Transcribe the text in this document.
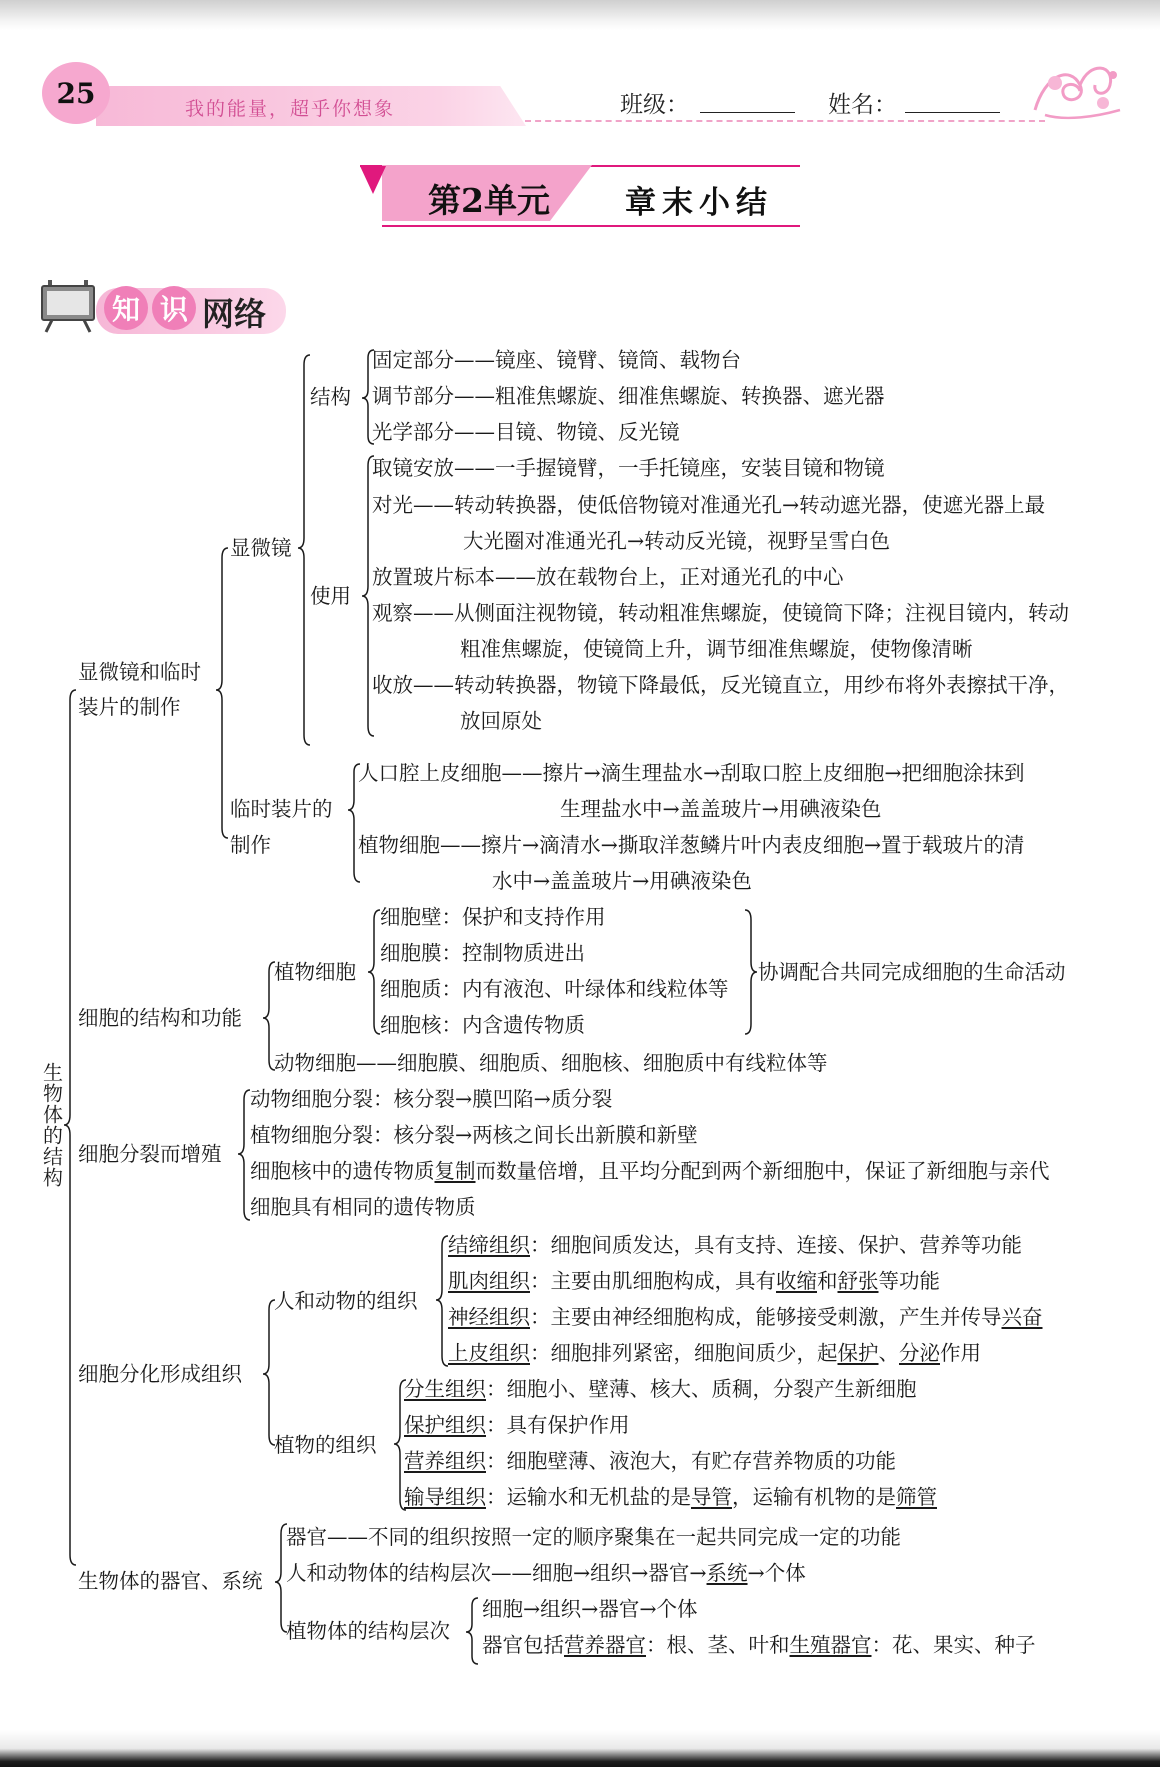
25	我的能量，超乎你想象	班级：	姓名：
第2单元 章末小结
知 识 网络
生物体的结构
显微镜和临时
装片的制作
显微镜
结构
固定部分——镜座、镜臂、镜筒、载物台
调节部分——粗准焦螺旋、细准焦螺旋、转换器、遮光器
光学部分——目镜、物镜、反光镜
使用
取镜安放——一手握镜臂，一手托镜座，安装目镜和物镜
对光——转动转换器，使低倍物镜对准通光孔→转动遮光器，使遮光器上最
大光圈对准通光孔→转动反光镜，视野呈雪白色
放置玻片标本——放在载物台上，正对通光孔的中心
观察——从侧面注视物镜，转动粗准焦螺旋，使镜筒下降；注视目镜内，转动
粗准焦螺旋，使镜筒上升，调节细准焦螺旋，使物像清晰
收放——转动转换器，物镜下降最低，反光镜直立，用纱布将外表擦拭干净，
放回原处
临时装片的
制作
人口腔上皮细胞——擦片→滴生理盐水→刮取口腔上皮细胞→把细胞涂抹到
生理盐水中→盖盖玻片→用碘液染色
植物细胞——擦片→滴清水→撕取洋葱鳞片叶内表皮细胞→置于载玻片的清
水中→盖盖玻片→用碘液染色
细胞的结构和功能
植物细胞
细胞壁：保护和支持作用
细胞膜：控制物质进出
细胞质：内有液泡、叶绿体和线粒体等
细胞核：内含遗传物质
协调配合共同完成细胞的生命活动
动物细胞——细胞膜、细胞质、细胞核、细胞质中有线粒体等
细胞分裂而增殖
动物细胞分裂：核分裂→膜凹陷→质分裂
植物细胞分裂：核分裂→两核之间长出新膜和新壁
细胞核中的遗传物质复制而数量倍增，且平均分配到两个新细胞中，保证了新细胞与亲代
细胞具有相同的遗传物质
细胞分化形成组织
人和动物的组织
结缔组织：细胞间质发达，具有支持、连接、保护、营养等功能
肌肉组织：主要由肌细胞构成，具有收缩和舒张等功能
神经组织：主要由神经细胞构成，能够接受刺激，产生并传导兴奋
上皮组织：细胞排列紧密，细胞间质少，起保护、分泌作用
植物的组织
分生组织：细胞小、壁薄、核大、质稠，分裂产生新细胞
保护组织：具有保护作用
营养组织：细胞壁薄、液泡大，有贮存营养物质的功能
输导组织：运输水和无机盐的是导管，运输有机物的是筛管
生物体的器官、系统
器官——不同的组织按照一定的顺序聚集在一起共同完成一定的功能
人和动物体的结构层次——细胞→组织→器官→系统→个体
植物体的结构层次
细胞→组织→器官→个体
器官包括营养器官：根、茎、叶和生殖器官：花、果实、种子
